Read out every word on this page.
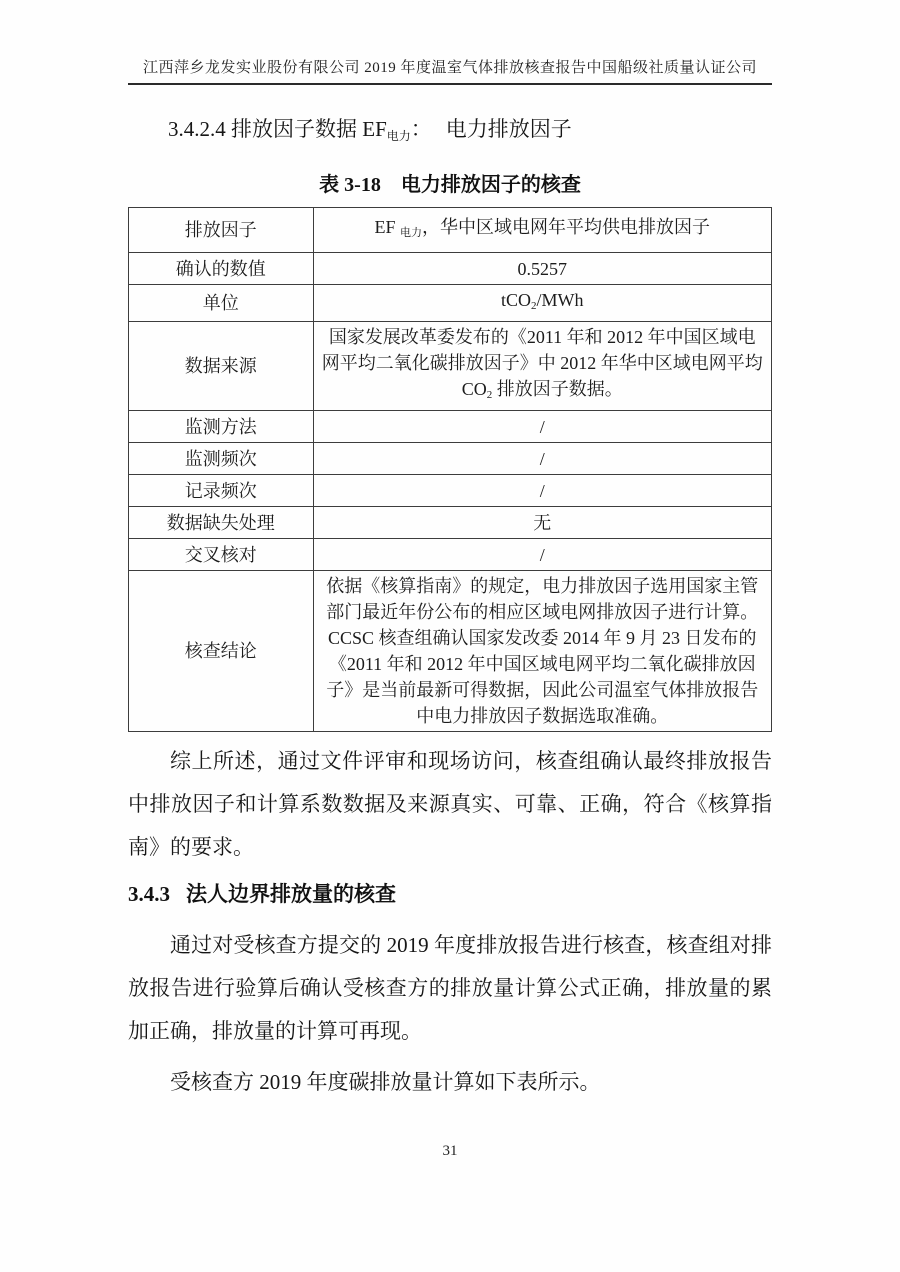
江西萍乡龙发实业股份有限公司 2019 年度温室气体排放核查报告中国船级社质量认证公司
3.4.2.4 排放因子数据 $EF_{电力}$： 电力排放因子
表 3-18　电力排放因子的核查
排放因子	EF $_{电力}$，华中区域电网年平均供电排放因子
确认的数值	0.5257
单位	tCO$_2$/MWh
数据来源	国家发展改革委发布的《2011 年和 2012 年中国区域电网平均二氧化碳排放因子》中 2012 年华中区域电网平均 $CO_2$ 排放因子数据。
监测方法	/
监测频次	/
记录频次	/
数据缺失处理	无
交叉核对	/
核查结论	依据《核算指南》的规定，电力排放因子选用国家主管部门最近年份公布的相应区域电网排放因子进行计算。CCSC 核查组确认国家发改委 2014 年 9 月 23 日发布的《2011 年和 2012 年中国区域电网平均二氧化碳排放因子》是当前最新可得数据，因此公司温室气体排放报告中电力排放因子数据选取准确。

综上所述，通过文件评审和现场访问，核查组确认最终排放报告中排放因子和计算系数数据及来源真实、可靠、正确，符合《核算指南》的要求。

3.4.3 法人边界排放量的核查

通过对受核查方提交的 2019 年度排放报告进行核查，核查组对排放报告进行验算后确认受核查方的排放量计算公式正确，排放量的累加正确，排放量的计算可再现。

受核查方 2019 年度碳排放量计算如下表所示。

31
